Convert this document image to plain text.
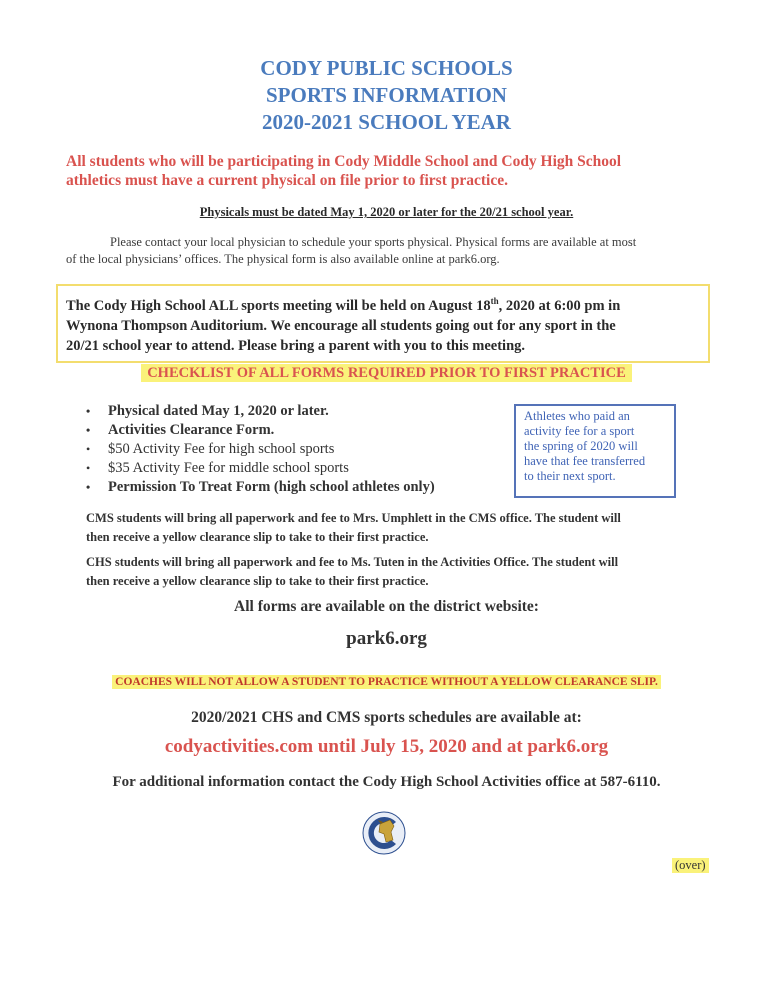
CODY PUBLIC SCHOOLS
SPORTS INFORMATION
2020-2021 SCHOOL YEAR
All students who will be participating in Cody Middle School and Cody High School
athletics must have a current physical on file prior to first practice.
Physicals must be dated May 1, 2020 or later for the 20/21 school year.
Please contact your local physician to schedule your sports physical. Physical forms are available at most
of the local physicians’ offices. The physical form is also available online at park6.org.
The Cody High School ALL sports meeting will be held on August 18th, 2020 at 6:00 pm in
Wynona Thompson Auditorium. We encourage all students going out for any sport in the
20/21 school year to attend. Please bring a parent with you to this meeting.
CHECKLIST OF ALL FORMS REQUIRED PRIOR TO FIRST PRACTICE
• Physical dated May 1, 2020 or later.
• Activities Clearance Form.
• $50 Activity Fee for high school sports
• $35 Activity Fee for middle school sports
• Permission To Treat Form (high school athletes only)
Athletes who paid an
activity fee for a sport
the spring of 2020 will
have that fee transferred
to their next sport.
CMS students will bring all paperwork and fee to Mrs. Umphlett in the CMS office. The student will
then receive a yellow clearance slip to take to their first practice.
CHS students will bring all paperwork and fee to Ms. Tuten in the Activities Office. The student will
then receive a yellow clearance slip to take to their first practice.
All forms are available on the district website:
park6.org
COACHES WILL NOT ALLOW A STUDENT TO PRACTICE WITHOUT A YELLOW CLEARANCE SLIP.
2020/2021 CHS and CMS sports schedules are available at:
codyactivities.com until July 15, 2020 and at park6.org
For additional information contact the Cody High School Activities office at 587-6110.
(over)
